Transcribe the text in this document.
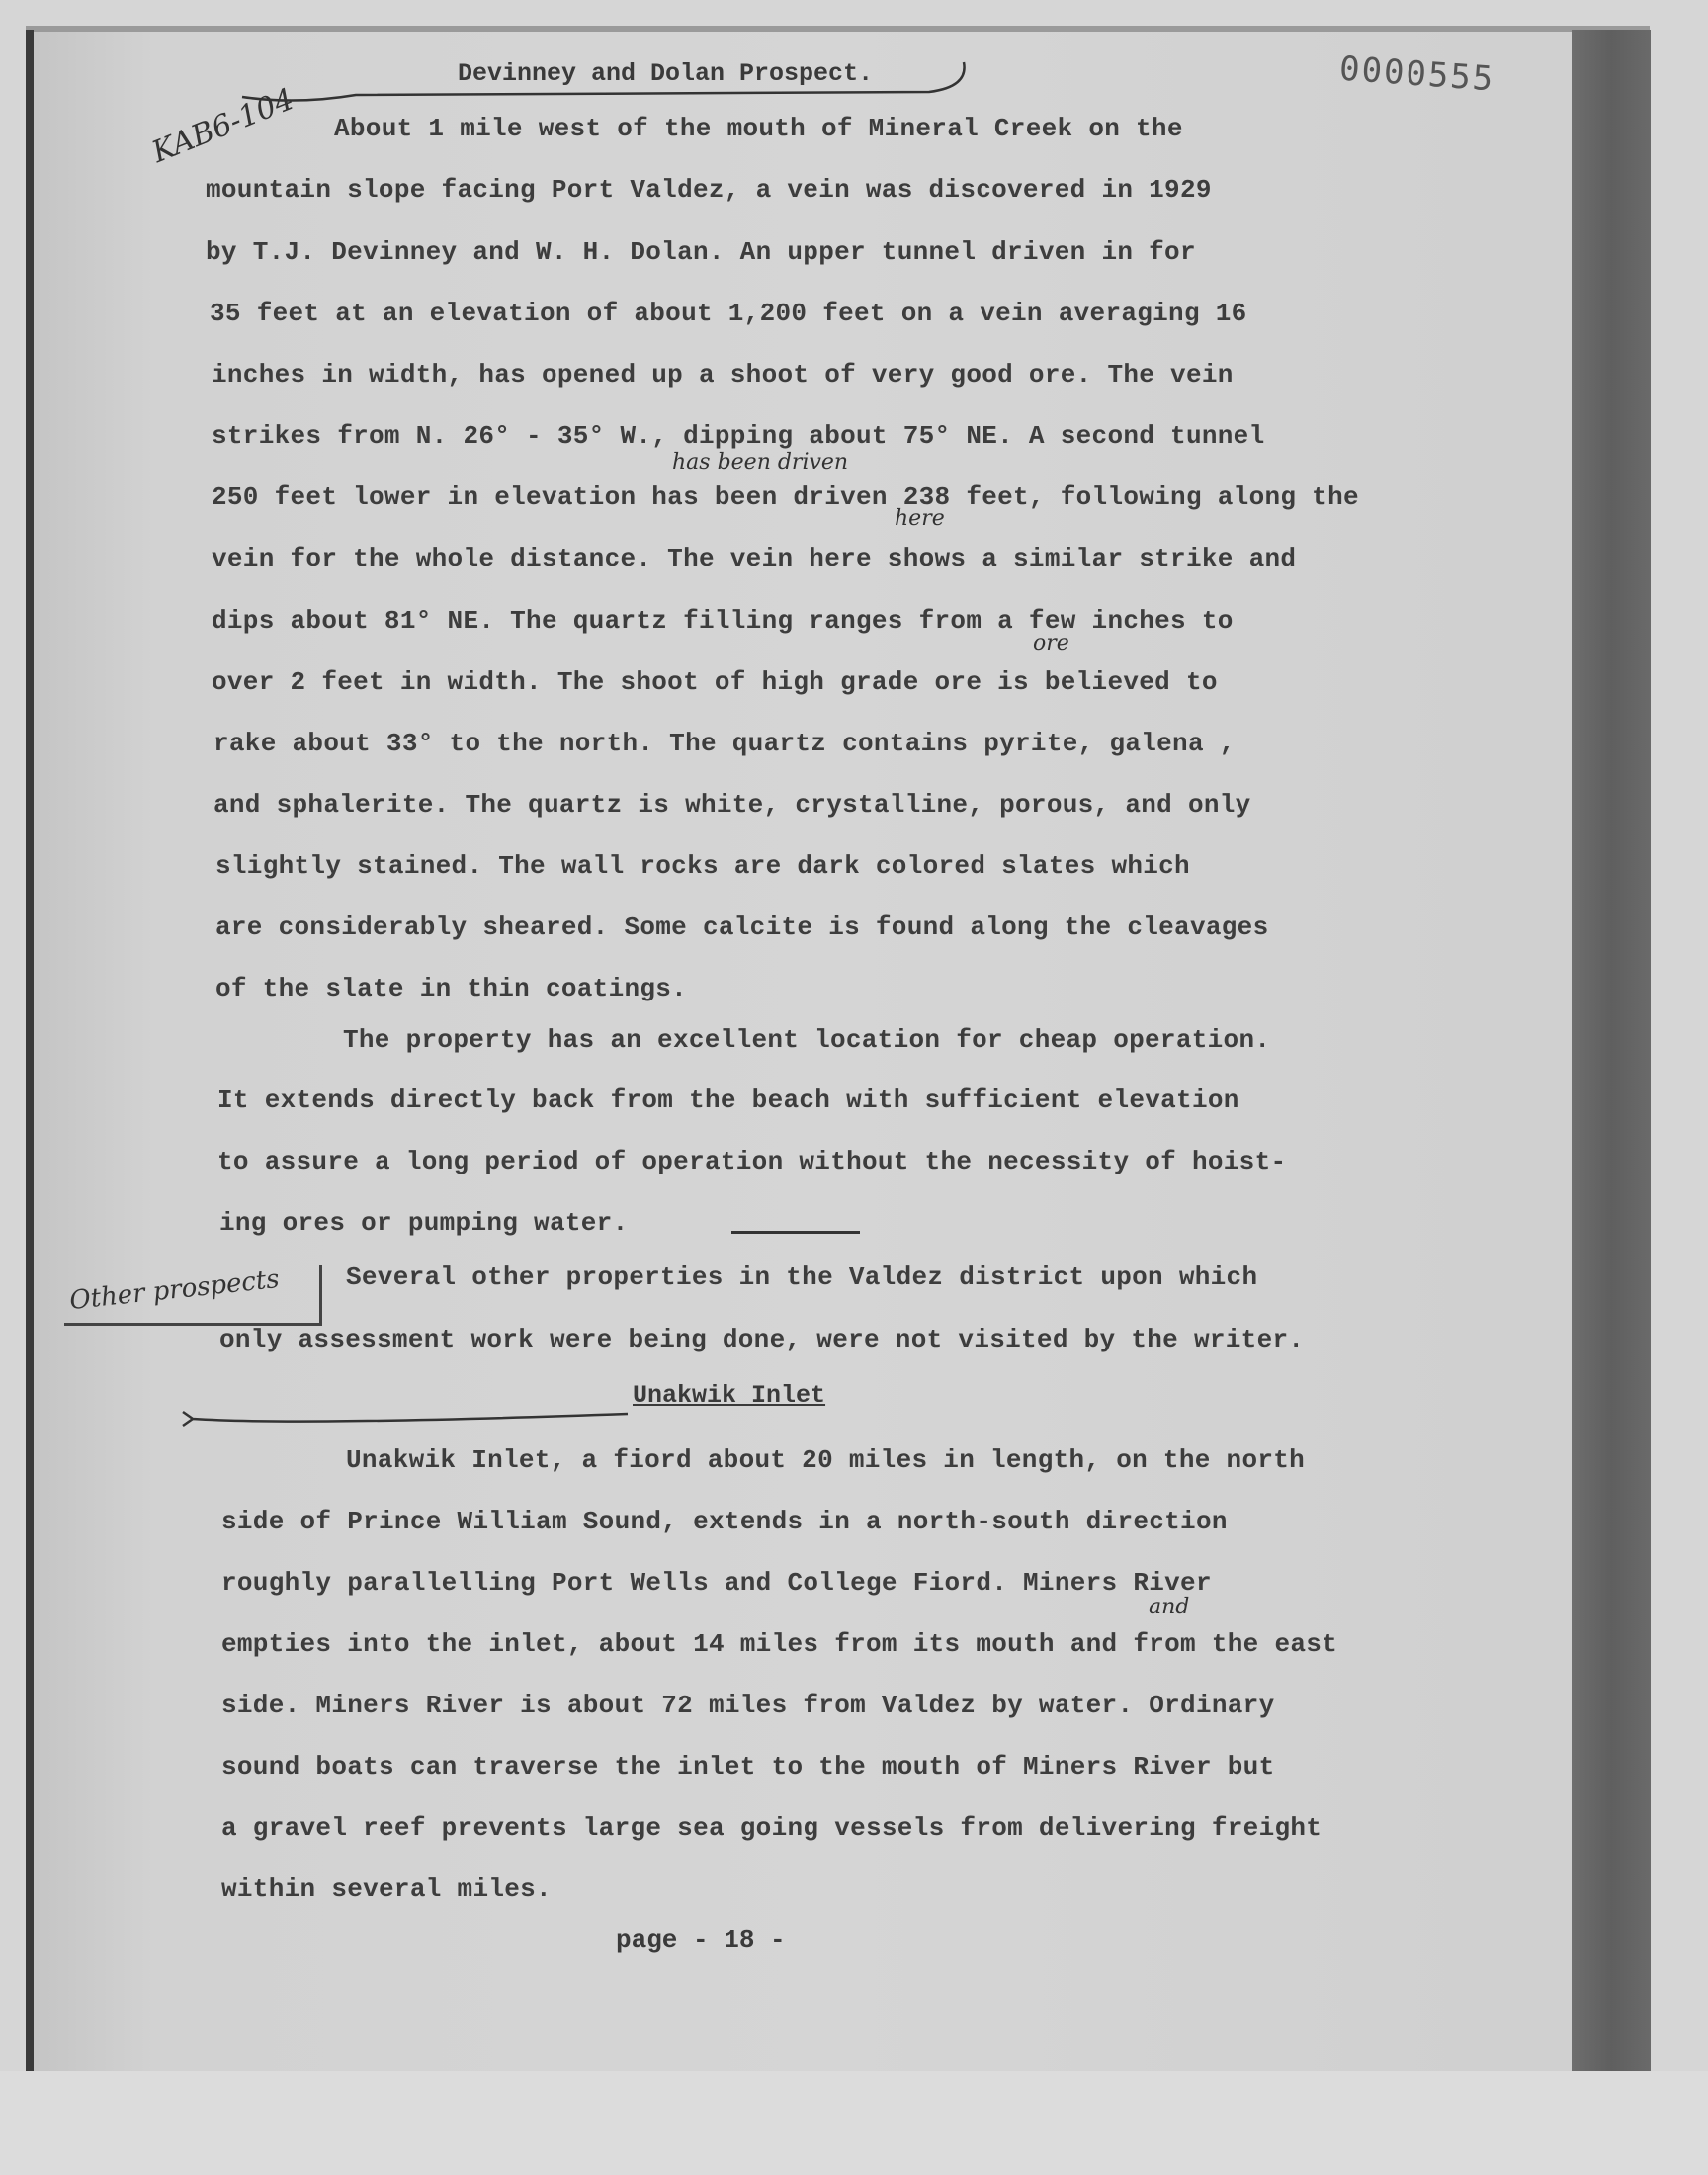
0000555
KAB6-104
Devinney and Dolan Prospect.
About 1 mile west of the mouth of Mineral Creek on the
mountain slope facing Port Valdez, a vein was discovered in 1929
by T.J. Devinney and W. H. Dolan. An upper tunnel driven in for
35 feet at an elevation of about 1,200 feet on a vein averaging 16
inches in width, has opened up a shoot of very good ore. The vein
strikes from N. 26° - 35° W., dipping about 75° NE. A second tunnel
250 feet lower in elevation has been driven 238 feet, following along the
vein for the whole distance. The vein here shows a similar strike and
dips about 81° NE. The quartz filling ranges from a few inches to
over 2 feet in width. The shoot of high grade ore is believed to
rake about 33° to the north. The quartz contains pyrite, galena ,
and sphalerite. The quartz is white, crystalline, porous, and only
slightly stained. The wall rocks are dark colored slates which
are considerably sheared. Some calcite is found along the cleavages
of the slate in thin coatings.
The property has an excellent location for cheap operation.
It extends directly back from the beach with sufficient elevation
to assure a long period of operation without the necessity of hoist-
ing ores or pumping water.
Other prospects	Several other properties in the Valdez district upon which
only assessment work were being done, were not visited by the writer.
Unakwik Inlet
Unakwik Inlet, a fiord about 20 miles in length, on the north
side of Prince William Sound, extends in a north-south direction
roughly parallelling Port Wells and College Fiord. Miners River
empties into the inlet, about 14 miles from its mouth and from the east
side. Miners River is about 72 miles from Valdez by water. Ordinary
sound boats can traverse the inlet to the mouth of Miners River but
a gravel reef prevents large sea going vessels from delivering freight
within several miles.
has been driven
here
ore
and
page - 18 -
